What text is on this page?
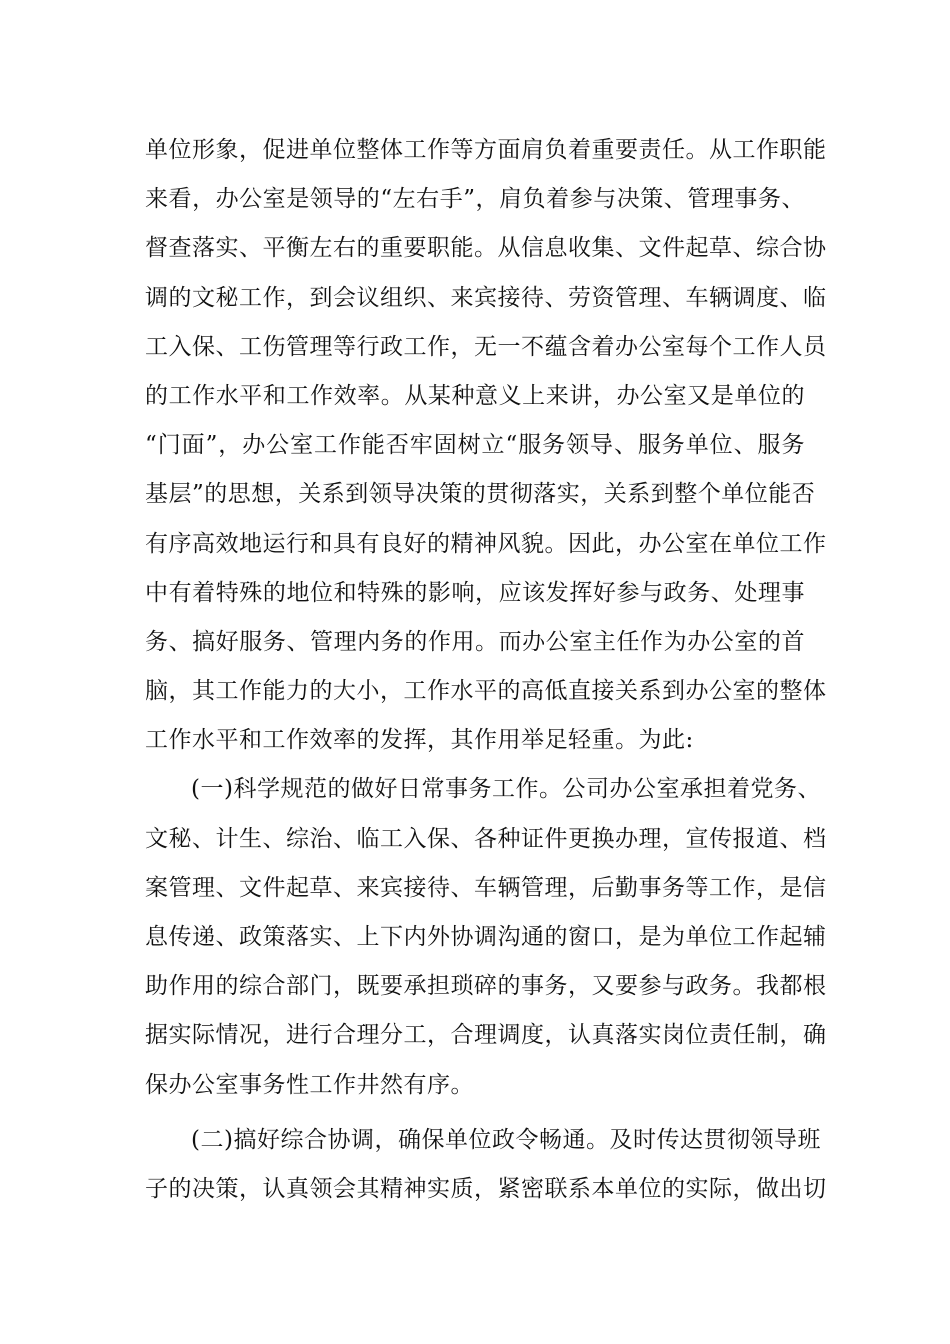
单位形象，促进单位整体工作等方面肩负着重要责任。从工作职能
来看，办公室是领导的“左右手”，肩负着参与决策、管理事务、
督查落实、平衡左右的重要职能。从信息收集、文件起草、综合协
调的文秘工作，到会议组织、来宾接待、劳资管理、车辆调度、临
工入保、工伤管理等行政工作，无一不蕴含着办公室每个工作人员
的工作水平和工作效率。从某种意义上来讲，办公室又是单位的
“门面”，办公室工作能否牢固树立“服务领导、服务单位、服务
基层”的思想，关系到领导决策的贯彻落实，关系到整个单位能否
有序高效地运行和具有良好的精神风貌。因此，办公室在单位工作
中有着特殊的地位和特殊的影响，应该发挥好参与政务、处理事
务、搞好服务、管理内务的作用。而办公室主任作为办公室的首
脑，其工作能力的大小，工作水平的高低直接关系到办公室的整体
工作水平和工作效率的发挥，其作用举足轻重。为此:
(一)科学规范的做好日常事务工作。公司办公室承担着党务、
文秘、计生、综治、临工入保、各种证件更换办理，宣传报道、档
案管理、文件起草、来宾接待、车辆管理，后勤事务等工作，是信
息传递、政策落实、上下内外协调沟通的窗口，是为单位工作起辅
助作用的综合部门，既要承担琐碎的事务，又要参与政务。我都根
据实际情况，进行合理分工，合理调度，认真落实岗位责任制，确
保办公室事务性工作井然有序。
(二)搞好综合协调，确保单位政令畅通。及时传达贯彻领导班
子的决策，认真领会其精神实质，紧密联系本单位的实际，做出切
